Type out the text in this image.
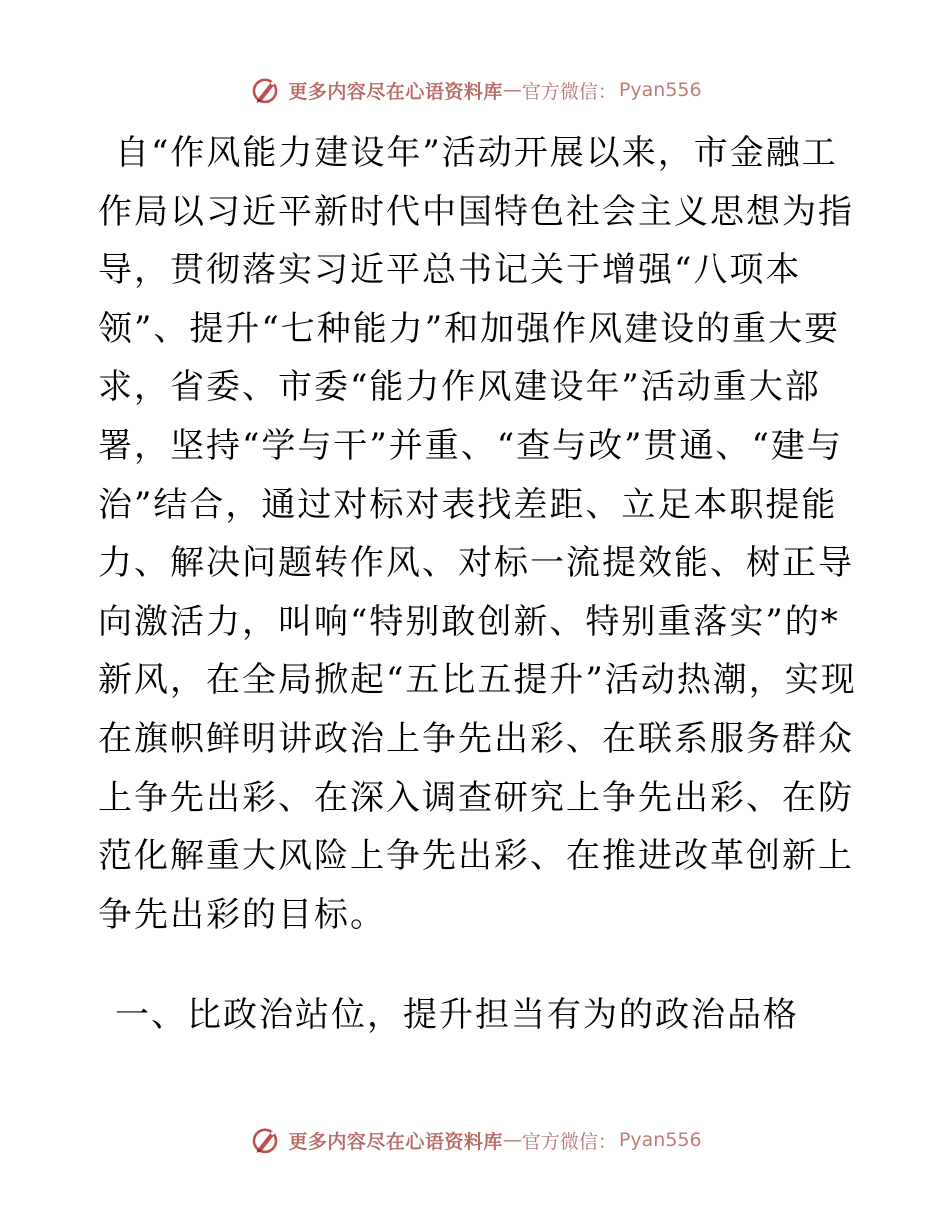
更多内容尽在心语资料库 — 官方微信： Pyan556

自“作风能力建设年”活动开展以来，市金融工作局以习近平新时代中国特色社会主义思想为指导，贯彻落实习近平总书记关于增强“八项本领”、提升“七种能力”和加强作风建设的重大要求，省委、市委“能力作风建设年”活动重大部署，坚持“学与干”并重、“查与改”贯通、“建与治”结合，通过对标对表找差距、立足本职提能力、解决问题转作风、对标一流提效能、树正导向激活力，叫响“特别敢创新、特别重落实”的*新风，在全局掀起“五比五提升”活动热潮，实现在旗帜鲜明讲政治上争先出彩、在联系服务群众上争先出彩、在深入调查研究上争先出彩、在防范化解重大风险上争先出彩、在推进改革创新上争先出彩的目标。

一、比政治站位，提升担当有为的政治品格

更多内容尽在心语资料库 — 官方微信： Pyan556
